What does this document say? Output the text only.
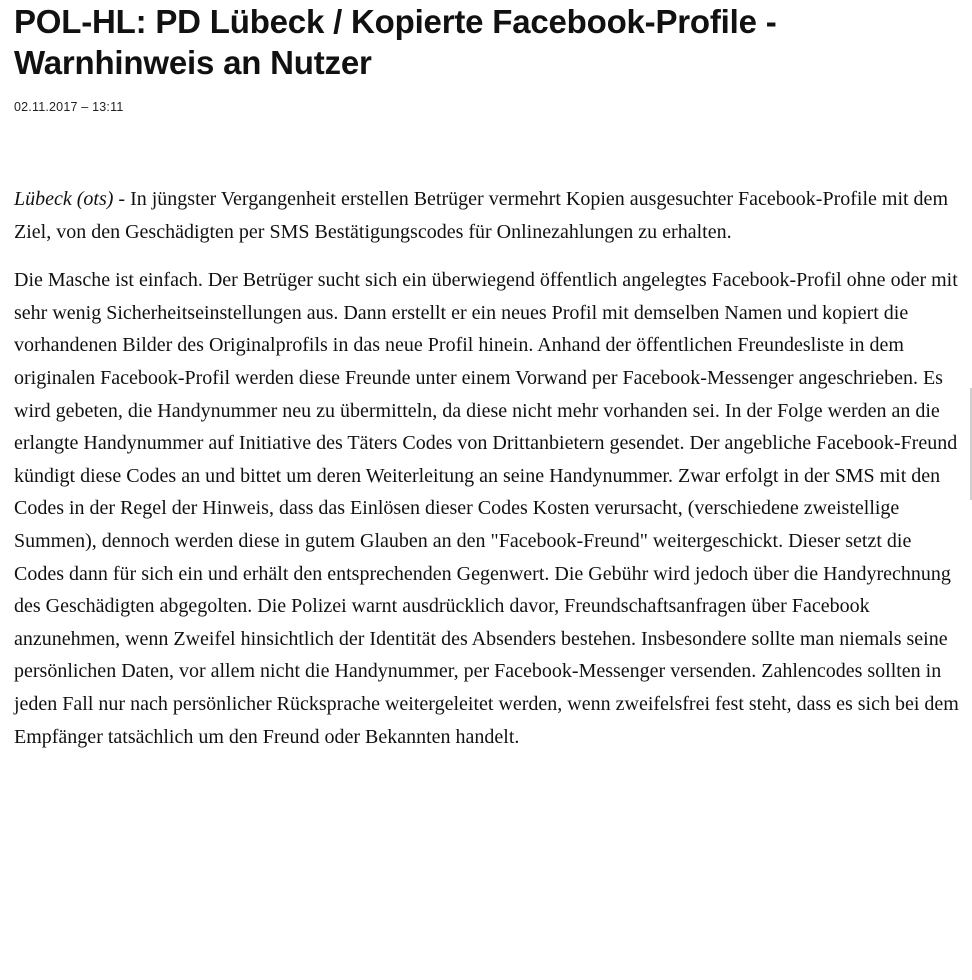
POL-HL: PD Lübeck / Kopierte Facebook-Profile - Warnhinweis an Nutzer
02.11.2017 – 13:11

Lübeck (ots) - In jüngster Vergangenheit erstellen Betrüger vermehrt Kopien ausgesuchter Facebook-Profile mit dem Ziel, von den Geschädigten per SMS Bestätigungscodes für Onlinezahlungen zu erhalten.

Die Masche ist einfach. Der Betrüger sucht sich ein überwiegend öffentlich angelegtes Facebook-Profil ohne oder mit sehr wenig Sicherheitseinstellungen aus. Dann erstellt er ein neues Profil mit demselben Namen und kopiert die vorhandenen Bilder des Originalprofils in das neue Profil hinein. Anhand der öffentlichen Freundesliste in dem originalen Facebook-Profil werden diese Freunde unter einem Vorwand per Facebook-Messenger angeschrieben. Es wird gebeten, die Handynummer neu zu übermitteln, da diese nicht mehr vorhanden sei. In der Folge werden an die erlangte Handynummer auf Initiative des Täters Codes von Drittanbietern gesendet. Der angebliche Facebook-Freund kündigt diese Codes an und bittet um deren Weiterleitung an seine Handynummer. Zwar erfolgt in der SMS mit den Codes in der Regel der Hinweis, dass das Einlösen dieser Codes Kosten verursacht, (verschiedene zweistellige Summen), dennoch werden diese in gutem Glauben an den "Facebook-Freund" weitergeschickt. Dieser setzt die Codes dann für sich ein und erhält den entsprechenden Gegenwert. Die Gebühr wird jedoch über die Handyrechnung des Geschädigten abgegolten. Die Polizei warnt ausdrücklich davor, Freundschaftsanfragen über Facebook anzunehmen, wenn Zweifel hinsichtlich der Identität des Absenders bestehen. Insbesondere sollte man niemals seine persönlichen Daten, vor allem nicht die Handynummer, per Facebook-Messenger versenden. Zahlencodes sollten in jeden Fall nur nach persönlicher Rücksprache weitergeleitet werden, wenn zweifelsfrei fest steht, dass es sich bei dem Empfänger tatsächlich um den Freund oder Bekannten handelt.
